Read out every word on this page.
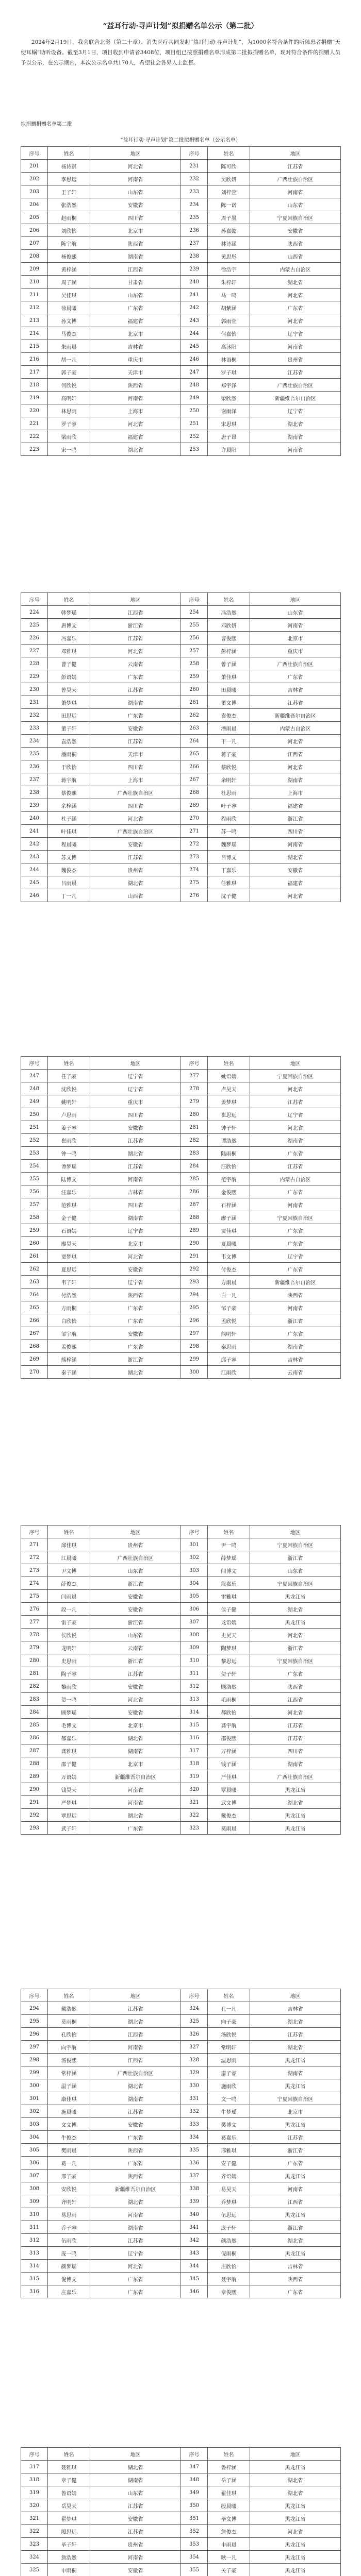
“益耳行动·寻声计划”拟捐赠名单公示（第二批）

2024年2月19日，我会联合北影（第二十章）、消失医疗共同发起“益耳行动·寻声计划”，为1000名符合条件的听障患者捐赠“天使耳蜗”助听设备。截至3月1日，项目收到申请者3408位，项目组已按照捐赠名单形成第二批拟捐赠名单，现对符合条件的捐赠人员予以公示，在公示期内，本次公示名单共170人，希望社会各界人士监督。

拟捐赠捐赠名单第二批
“益耳行动·寻声计划”第二批拟捐赠名单（公示名单）
序号	姓名	地区	序号	姓名	地区
201	杨诗淇	河北省	231	陈可欣	江苏省
202	李思远	河南省	232	吴欣妍	广西壮族自治区
203	王子轩	山东省	233	刘梓萱	河南省
204	张浩然	安徽省	234	陈一诺	山东省
205	赵雨桐	四川省	235	周子墨	宁夏回族自治区
206	刘欣怡	北京市	236	孙嘉懿	安徽省
207	陈宇航	陕西省	237	林诗涵	陕西省
208	杨俊熙	湖南省	238	黄思彤	山西省
209	黄梓涵	江西省	239	徐浩宇	内蒙古自治区
210	周子涵	甘肃省	240	朱梓轩	湖北省
211	吴佳琪	山东省	241	马一鸣	河北省
212	徐晨曦	广东省	242	胡紫涵	广东省
213	孙文博	福建省	243	郭雨萱	河北省
214	马俊杰	北京市	244	何嘉怡	辽宁省
215	朱雨晨	吉林省	245	高沐阳	河南省
216	胡一凡	重庆市	246	林语桐	贵州省
217	郭子豪	天津市	247	罗子琪	江苏省
218	何欣悦	陕西省	248	郑宇泽	广西壮族自治区
219	高明轩	河南省	249	梁欣然	新疆维吾尔自治区
220	林思雨	上海市	250	谢雨泽	辽宁省
221	罗子睿	河北省	251	宋思琪	湖北省
222	梁雨欣	福建省	252	唐子昂	湖南省
223	宋一鸣	湖北省	253	许晨阳	河南省
序号	姓名	地区	序号	姓名	地区
224	韩梦瑶	江西省	254	冯浩然	山东省
225	唐博文	浙江省	255	邓欣妍	河南省
226	冯嘉乐	江苏省	256	曹俊熙	北京市
227	邓雅琪	河北省	257	彭梓涵	重庆市
228	曹子健	云南省	258	曾子涵	广西壮族自治区
229	彭语嫣	广东省	259	萧佳琪	广东省
230	曾昊天	江苏省	260	田晨曦	吉林省
231	萧梦琪	湖南省	261	董文博	江苏省
232	田思远	广东省	262	袁俊杰	新疆维吾尔自治区
233	董子轩	安徽省	263	潘雨晨	内蒙古自治区
234	袁浩然	江苏省	264	于一凡	河北省
235	潘雨桐	天津市	265	蒋子豪	江西省
236	于欣怡	四川省	266	蔡欣悦	河北省
237	蒋宇航	上海市	267	余明轩	湖南省
238	蔡俊熙	广西壮族自治区	268	杜思雨	上海市
239	余梓涵	四川省	269	叶子睿	福建省
240	杜子涵	河北省	270	程雨欣	浙江省
241	叶佳琪	广西壮族自治区	271	苏一鸣	四川省
242	程晨曦	安徽省	272	魏梦瑶	河南省
243	苏文博	江苏省	273	吕博文	湖北省
244	魏俊杰	贵州省	274	丁嘉乐	安徽省
245	吕雨晨	湖北省	275	任雅琪	福建省
246	丁一凡	山西省	276	沈子健	河北省
序号	姓名	地区	序号	姓名	地区
247	任子豪	辽宁省	277	姚语嫣	宁夏回族自治区
248	沈欣悦	辽宁省	278	卢昊天	河北省
249	姚明轩	重庆市	279	姜梦琪	江苏省
250	卢思雨	四川省	280	崔思远	辽宁省
251	姜子睿	安徽省	281	钟子轩	河北省
252	崔雨欣	江苏省	282	谭浩然	湖南省
253	钟一鸣	湖北省	283	陆雨桐	广东省
254	谭梦瑶	江苏省	284	汪欣怡	江苏省
255	陆博文	河南省	285	范宇航	内蒙古自治区
256	汪嘉乐	吉林省	286	金俊熙	广东省
257	范雅琪	四川省	287	石梓涵	河南省
258	金子健	湖南省	288	廖子涵	宁夏回族自治区
259	石语嫣	辽宁省	289	贾佳琪	广东省
260	廖昊天	北京市	290	夏晨曦	广东省
261	贾梦琪	河北省	291	韦文博	辽宁省
262	夏思远	安徽省	292	付俊杰	广东省
263	韦子轩	辽宁省	293	方雨晨	新疆维吾尔自治区
264	付浩然	陕西省	294	白一凡	陕西省
265	方雨桐	广东省	295	邹子豪	河南省
266	白欣怡	广东省	296	孟欣悦	浙江省
267	邹宇航	安徽省	297	熊明轩	广东省
268	孟俊熙	广东省	298	秦思雨	湖南省
269	熊梓涵	浙江省	299	邱子睿	吉林省
270	秦子涵	湖北省	300	江雨欣	云南省
序号	姓名	地区	序号	姓名	地区
271	邱佳琪	贵州省	301	尹一鸣	宁夏回族自治区
272	江晨曦	广西壮族自治区	302	薛梦瑶	浙江省
273	尹文博	山东省	303	闫博文	山东省
274	薛俊杰	浙江省	304	段嘉乐	宁夏回族自治区
275	闫雨晨	安徽省	305	雷雅琪	黑龙江省
276	段一凡	安徽省	306	侯子健	湖北省
277	雷子豪	浙江省	307	龙语嫣	黑龙江省
278	侯欣悦	山东省	308	史昊天	河北省
279	龙明轩	云南省	309	陶梦琪	浙江省
280	史思雨	浙江省	310	黎思远	宁夏回族自治区
281	陶子睿	江苏省	311	贺子轩	广东省
282	黎雨欣	安徽省	312	顾浩然	陕西省
283	贺一鸣	河北省	313	毛雨桐	江西省
284	顾梦瑶	安徽省	314	郝欣怡	河北省
285	毛博文	北京市	315	龚宇航	江苏省
286	郝嘉乐	湖北省	316	邵俊熙	江苏省
287	龚雅琪	湖南省	317	万梓涵	四川省
288	邵子健	北京市	318	钱子涵	湖南省
289	万语嫣	新疆维吾尔自治区	319	严佳琪	广西壮族自治区
290	钱昊天	河南省	320	覃晨曦	黑龙江省
291	严梦琪	河南省	321	武文博	湖北省
292	覃思远	湖北省	322	戴俊杰	黑龙江省
293	武子轩	广东省	323	莫雨晨	黑龙江省
序号	姓名	地区	序号	姓名	地区
294	戴浩然	江苏省	324	孔一凡	吉林省
295	莫雨桐	湖北省	325	向子豪	湖北省
296	孔欣怡	江西省	326	汤欣悦	江苏省
297	向宇航	河南省	327	常明轩	湖北省
298	汤俊熙	江西省	328	温思雨	黑龙江省
299	常梓涵	广西壮族自治区	329	康子睿	湖南省
300	温子涵	湖北省	330	施雨欣	黑龙江省
301	康佳琪	湖南省	331	文一鸣	宁夏回族自治区
302	施晨曦	江苏省	332	牛梦瑶	北京市
303	文文博	安徽省	333	樊博文	黑龙江省
304	牛俊杰	广东省	334	葛嘉乐	江苏省
305	樊雨晨	陕西省	335	邢雅琪	浙江省
306	葛一凡	广东省	336	安子健	广东省
307	邢子豪	陕西省	337	齐语嫣	黑龙江省
308	安欣悦	新疆维吾尔自治区	338	易昊天	河南省
309	齐明轩	湖北省	339	乔梦琪	江西省
310	易思雨	河南省	340	伍思远	黑龙江省
311	乔子睿	湖南省	341	庞子轩	浙江省
312	伍雨欣	江苏省	342	颜浩然	湖北省
313	庞一鸣	辽宁省	343	倪雨桐	黑龙江省
314	颜梦瑶	河北省	344	庄欣怡	吉林省
315	倪博文	广东省	345	聂宇航	陕西省
316	庄嘉乐	广东省	346	章俊熙	广东省
序号	姓名	地区	序号	姓名	地区
317	聂雅琪	湖北省	347	鲁梓涵	黑龙江省
318	章子健	湖南省	348	岳子涵	湖北省
319	鲁语嫣	山东省	349	翟佳琪	湖北省
320	岳昊天	江苏省	350	殷晨曦	黑龙江省
321	翟梦琪	安徽省	351	毕文博	黑龙江省
322	殷思远	江苏省	352	詹俊杰	河北省
323	毕子轩	贵州省	353	申雨晨	黑龙江省
324	詹浩然	河南省	354	耿一凡	黑龙江省
325	申雨桐	安徽省	355	关子豪	黑龙江省
